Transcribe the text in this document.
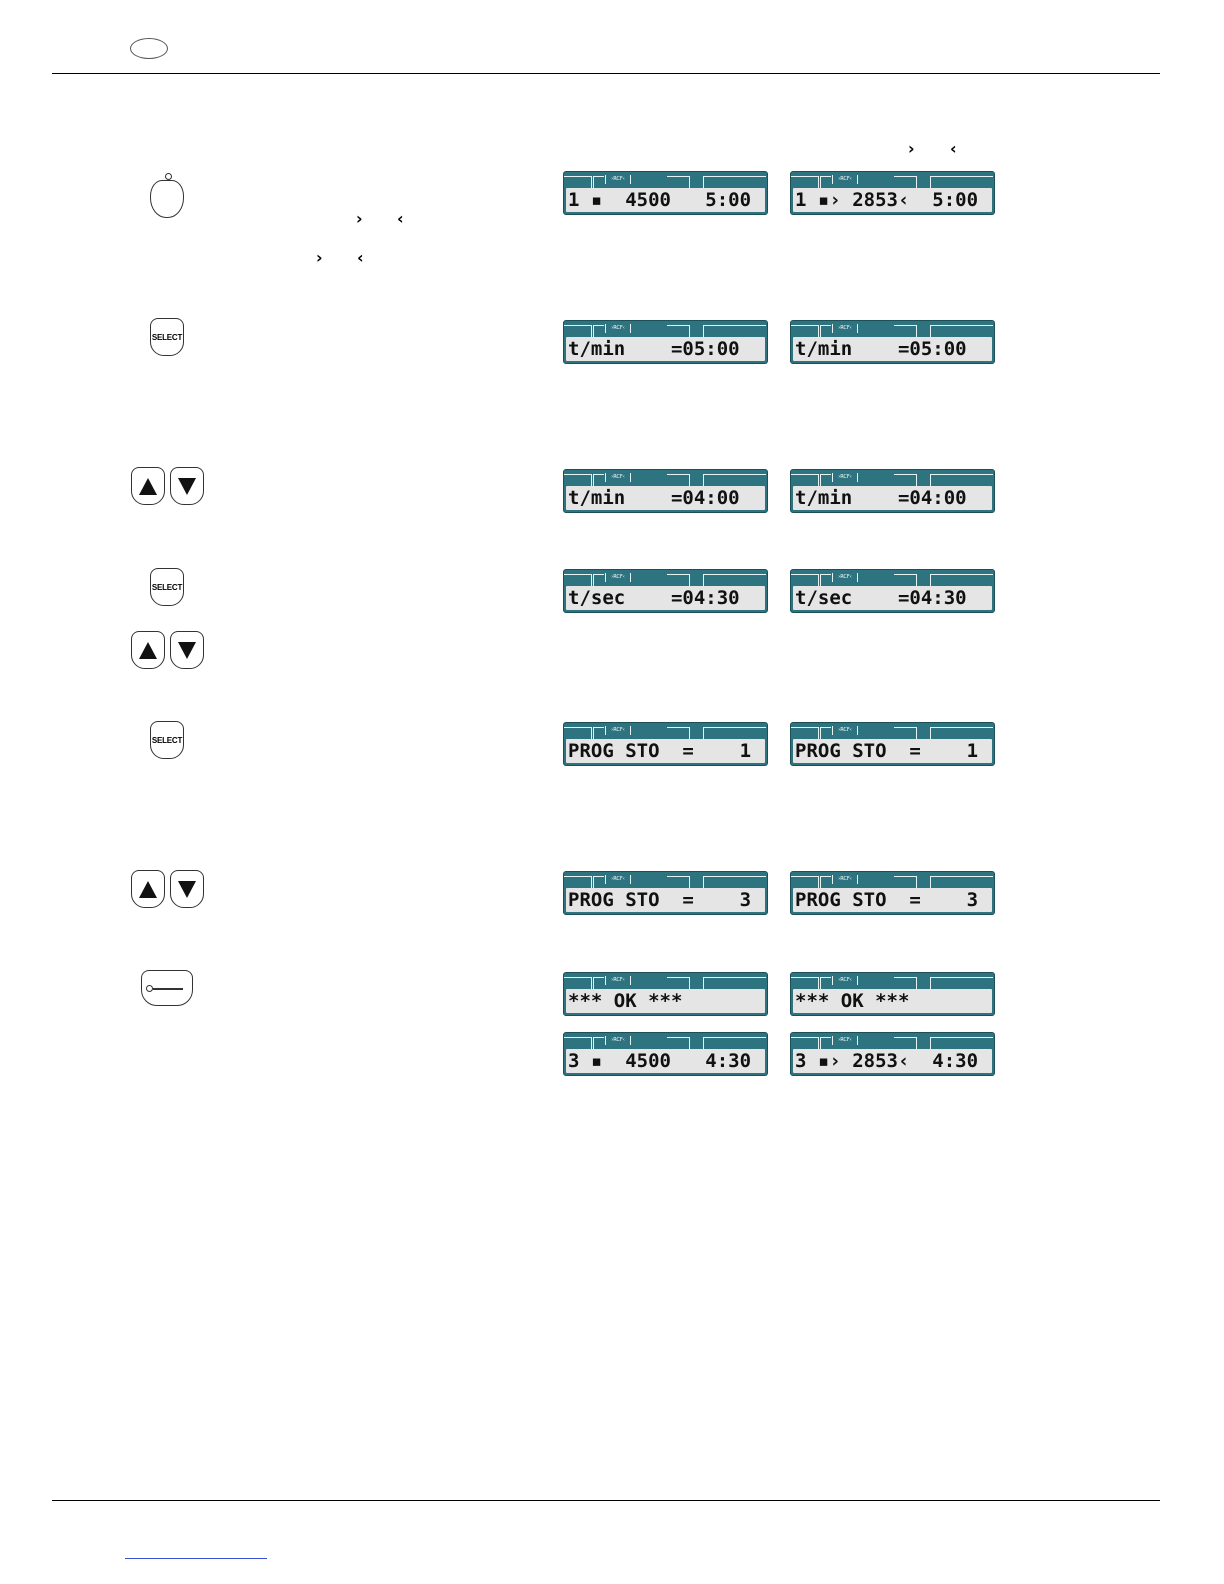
› ‹
› ‹
› ‹
SELECT
SELECT
SELECT
›RCF‹
1 ▪  4500   5:00
›RCF‹
1 ▪› 2853‹  5:00
›RCF‹
t/min    =05:00
›RCF‹
t/min    =05:00
›RCF‹
t/min    =04:00
›RCF‹
t/min    =04:00
›RCF‹
t/sec    =04:30
›RCF‹
t/sec    =04:30
›RCF‹
PROG STO  =    1
›RCF‹
PROG STO  =    1
›RCF‹
PROG STO  =    3
›RCF‹
PROG STO  =    3
›RCF‹
*** OK ***
›RCF‹
*** OK ***
›RCF‹
3 ▪  4500   4:30
›RCF‹
3 ▪› 2853‹  4:30
